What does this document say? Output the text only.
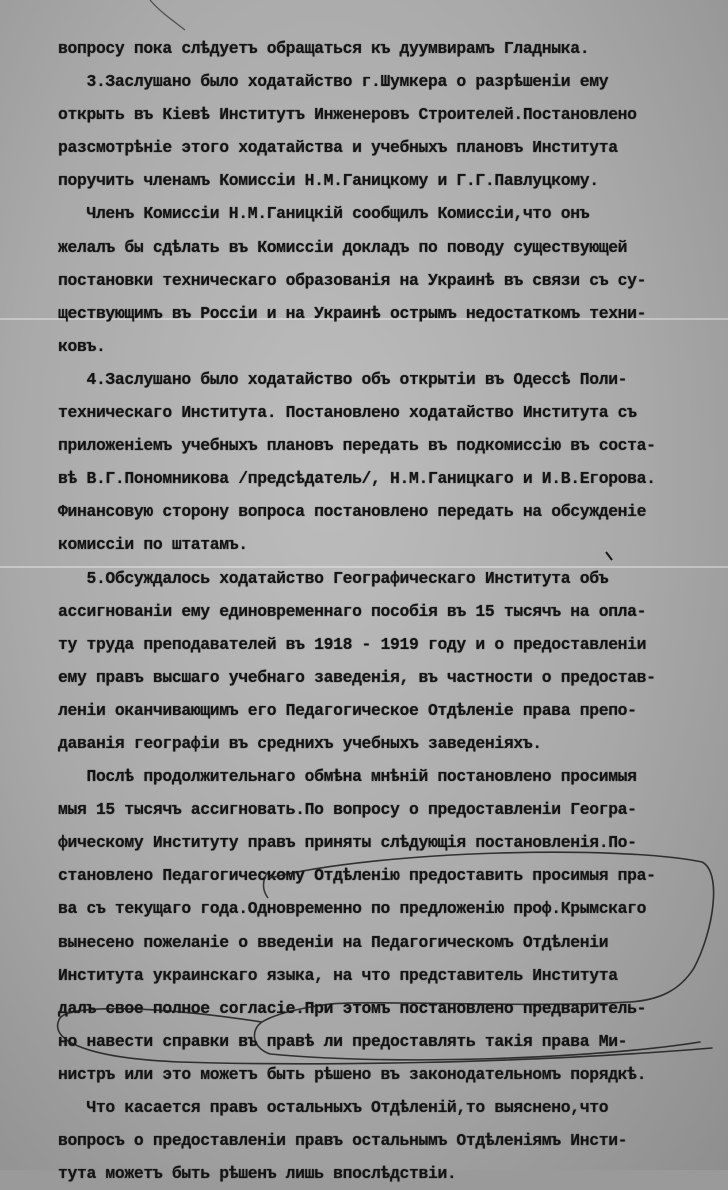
вопросу пока слѣдуетъ обращаться къ дуумвирамъ Гладныка.
3.Заслушано было ходатайство г.Шумкера о разрѣшеніи ему
открыть въ Кіевѣ Институтъ Инженеровъ Строителей.Постановлено
разсмотрѣніе этого ходатайства и учебныхъ плановъ Института
поручить членамъ Комиссіи Н.М.Ганицкому и Г.Г.Павлуцкому.
Членъ Комиссіи Н.М.Ганицкій сообщилъ Комиссіи,что онъ
желалъ бы сдѣлать въ Комиссіи докладъ по поводу существующей
постановки техническаго образованія на Украинѣ въ связи съ су-
ществующимъ въ Россіи и на Украинѣ острымъ недостаткомъ техни-
ковъ.
4.Заслушано было ходатайство объ открытіи въ Одессѣ Поли-
техническаго Института. Постановлено ходатайство Института съ
приложеніемъ учебныхъ плановъ передать въ подкомиссію въ соста-
вѣ В.Г.Пономникова /предсѣдатель/, Н.М.Ганицкаго и И.В.Егорова.
Финансовую сторону вопроса постановлено передать на обсужденіе
комиссіи по штатамъ.
5.Обсуждалось ходатайство Географическаго Института объ
ассигнованіи ему единовременнаго пособія въ 15 тысячъ на оплa-
ту труда преподавателей въ 1918 - 1919 году и о предоставленіи
ему правъ высшаго учебнаго заведенія, въ частности о предостав-
леніи оканчивающимъ его Педагогическое Отдѣленіе права препо-
даванія географіи въ среднихъ учебныхъ заведеніяхъ.
Послѣ продолжительнаго обмѣна мнѣній постановлено просимыя
мыя 15 тысячъ ассигновать.По вопросу о предоставленіи Геогра-
фическому Институту правъ приняты слѣдующія постановленія.По-
становлено Педагогическому Отдѣленію предоставить просимыя пра-
ва съ текущаго года.Одновременно по предложенію проф.Крымскаго
вынесено пожеланіе о введеніи на Педагогическомъ Отдѣленіи
Института украинскаго языка, на что представитель Института
далъ свое полное согласіе.При этомъ постановлено предваритель-
но навести справки въ правѣ ли предоставлять такія права Ми-
нистръ или это можетъ быть рѣшено въ законодательномъ порядкѣ.
Что касается правъ остальныхъ Отдѣленій,то выяснено,что
вопросъ о предоставленіи правъ остальнымъ Отдѣленіямъ Инсти-
тута можетъ быть рѣшенъ лишь впослѣдствіи.
